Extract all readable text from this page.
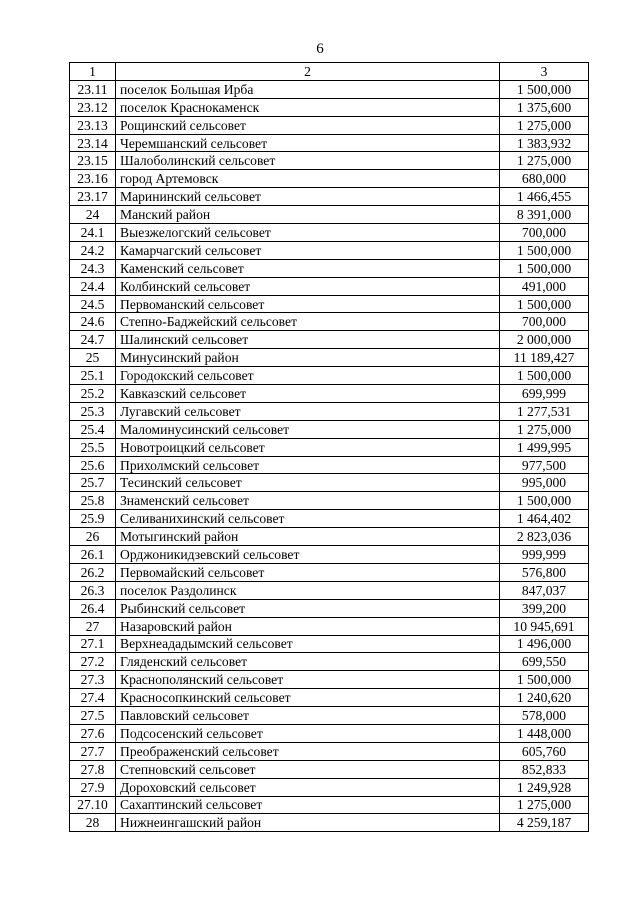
6
1	2	3
23.11	поселок Большая Ирба	1 500,000
23.12	поселок Краснокаменск	1 375,600
23.13	Рощинский сельсовет	1 275,000
23.14	Черемшанский сельсовет	1 383,932
23.15	Шалоболинский сельсовет	1 275,000
23.16	город Артемовск	680,000
23.17	Марининский сельсовет	1 466,455
24	Манский район	8 391,000
24.1	Выезжелогский сельсовет	700,000
24.2	Камарчагский сельсовет	1 500,000
24.3	Каменский сельсовет	1 500,000
24.4	Колбинский сельсовет	491,000
24.5	Первоманский сельсовет	1 500,000
24.6	Степно-Баджейский сельсовет	700,000
24.7	Шалинский сельсовет	2 000,000
25	Минусинский район	11 189,427
25.1	Городокский сельсовет	1 500,000
25.2	Кавказский сельсовет	699,999
25.3	Лугавский сельсовет	1 277,531
25.4	Маломинусинский сельсовет	1 275,000
25.5	Новотроицкий сельсовет	1 499,995
25.6	Прихолмский сельсовет	977,500
25.7	Тесинский сельсовет	995,000
25.8	Знаменский сельсовет	1 500,000
25.9	Селиванихинский сельсовет	1 464,402
26	Мотыгинский район	2 823,036
26.1	Орджоникидзевский сельсовет	999,999
26.2	Первомайский сельсовет	576,800
26.3	поселок Раздолинск	847,037
26.4	Рыбинский сельсовет	399,200
27	Назаровский район	10 945,691
27.1	Верхнеададымский сельсовет	1 496,000
27.2	Гляденский сельсовет	699,550
27.3	Краснополянский сельсовет	1 500,000
27.4	Красносопкинский сельсовет	1 240,620
27.5	Павловский сельсовет	578,000
27.6	Подсосенский сельсовет	1 448,000
27.7	Преображенский сельсовет	605,760
27.8	Степновский сельсовет	852,833
27.9	Дороховский сельсовет	1 249,928
27.10	Сахаптинский сельсовет	1 275,000
28	Нижнеингашский район	4 259,187
